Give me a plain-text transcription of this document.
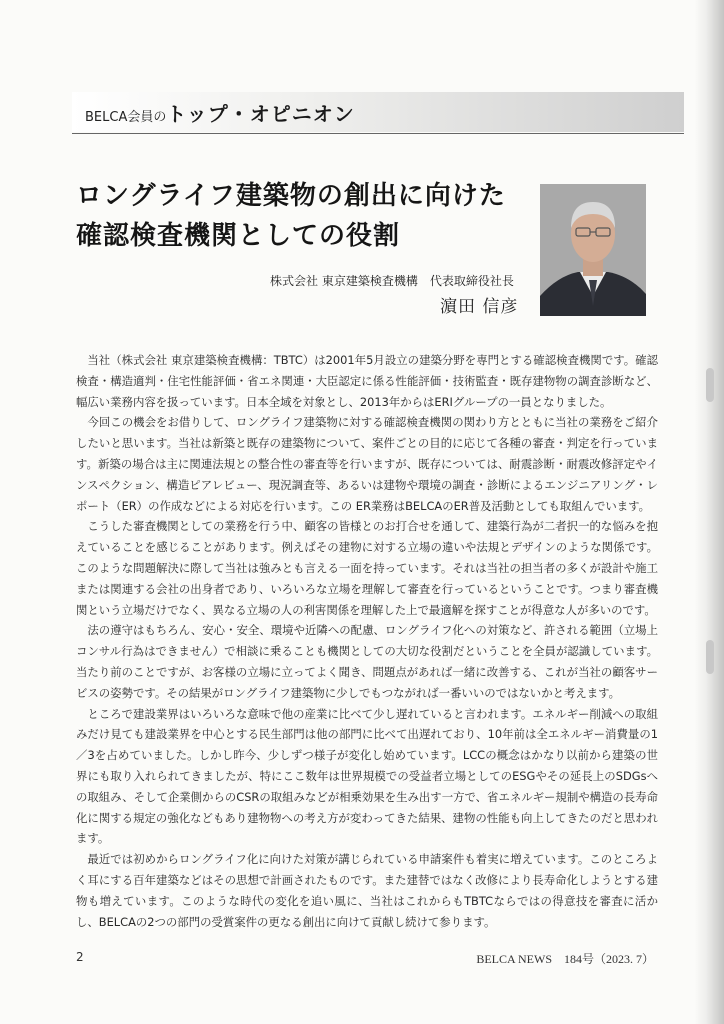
BELCA会員のトップ・オピニオン
ロングライフ建築物の創出に向けた
確認検査機関としての役割
株式会社 東京建築検査機構　代表取締役社長
濵田 信彦

当社（株式会社 東京建築検査機構：TBTC）は2001年5月設立の建築分野を専門とする確認検査機関です。確認検査・構造適判・住宅性能評価・省エネ関連・大臣認定に係る性能評価・技術監査・既存建物物の調査診断など、幅広い業務内容を扱っています。日本全域を対象とし、2013年からはERIグループの一員となりました。

今回この機会をお借りして、ロングライフ建築物に対する確認検査機関の関わり方とともに当社の業務をご紹介したいと思います。当社は新築と既存の建築物について、案件ごとの目的に応じて各種の審査・判定を行っています。新築の場合は主に関連法規との整合性の審査等を行いますが、既存については、耐震診断・耐震改修評定やインスペクション、構造ピアレビュー、現況調査等、あるいは建物や環境の調査・診断によるエンジニアリング・レポート（ER）の作成などによる対応を行います。この ER業務はBELCAのER普及活動としても取組んでいます。

こうした審査機関としての業務を行う中、顧客の皆様とのお打合せを通して、建築行為が二者択一的な悩みを抱えていることを感じることがあります。例えばその建物に対する立場の違いや法規とデザインのような関係です。このような問題解決に際して当社は強みとも言える一面を持っています。それは当社の担当者の多くが設計や施工または関連する会社の出身者であり、いろいろな立場を理解して審査を行っているということです。つまり審査機関という立場だけでなく、異なる立場の人の利害関係を理解した上で最適解を探すことが得意な人が多いのです。

法の遵守はもちろん、安心・安全、環境や近隣への配慮、ロングライフ化への対策など、許される範囲（立場上コンサル行為はできません）で相談に乗ることも機関としての大切な役割だということを全員が認識しています。当たり前のことですが、お客様の立場に立ってよく聞き、問題点があれば一緒に改善する、これが当社の顧客サービスの姿勢です。その結果がロングライフ建築物に少しでもつながれば一番いいのではないかと考えます。

ところで建設業界はいろいろな意味で他の産業に比べて少し遅れていると言われます。エネルギー削減への取組みだけ見ても建設業界を中心とする民生部門は他の部門に比べて出遅れており、10年前は全エネルギー消費量の1／3を占めていました。しかし昨今、少しずつ様子が変化し始めています。LCCの概念はかなり以前から建築の世界にも取り入れられてきましたが、特にここ数年は世界規模での受益者立場としてのESGやその延長上のSDGsへの取組み、そして企業側からのCSRの取組みなどが相乗効果を生み出す一方で、省エネルギー規制や構造の長寿命化に関する規定の強化などもあり建物物への考え方が変わってきた結果、建物の性能も向上してきたのだと思われます。

最近では初めからロングライフ化に向けた対策が講じられている申請案件も着実に増えています。このところよく耳にする百年建築などはその思想で計画されたものです。また建替ではなく改修により長寿命化しようとする建物も増えています。このような時代の変化を追い風に、当社はこれからもTBTCならではの得意技を審査に活かし、BELCAの2つの部門の受賞案件の更なる創出に向けて貢献し続けて参ります。

2	BELCA NEWS　184号（2023. 7）
